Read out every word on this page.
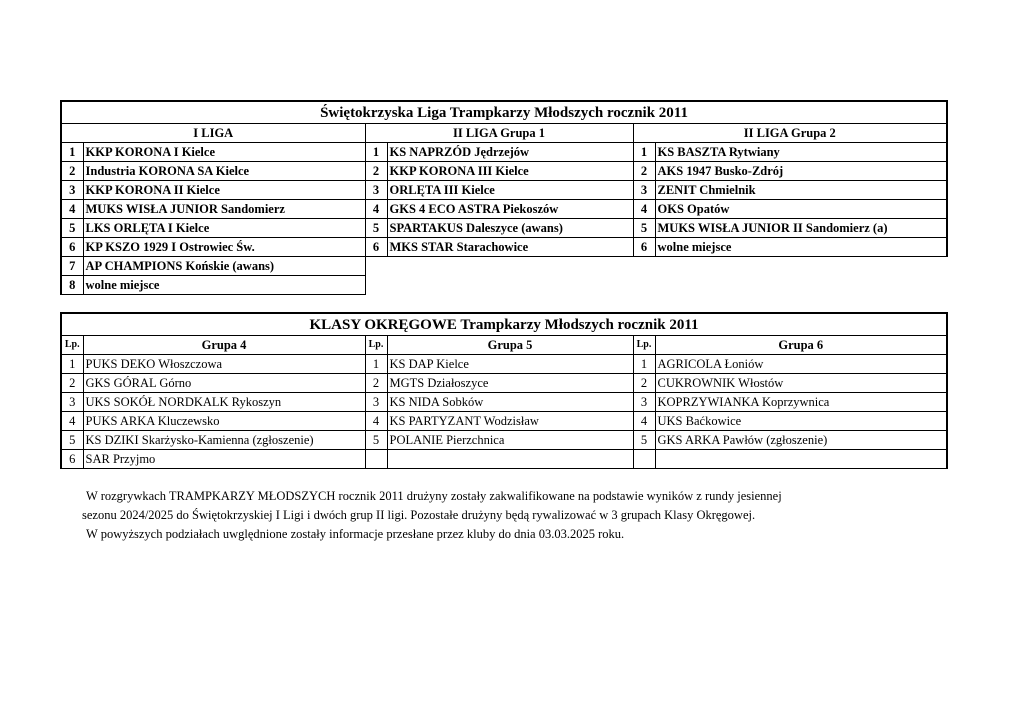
Świętokrzyska Liga Trampkarzy Młodszych rocznik 2011					
I LIGA		II LIGA Grupa 1		II LIGA Grupa 2	
1	KKP KORONA I Kielce	1	KS NAPRZÓD Jędrzejów	1	KS BASZTA Rytwiany
2	Industria KORONA SA Kielce	2	KKP KORONA III Kielce	2	AKS 1947 Busko-Zdrój
3	KKP KORONA II Kielce	3	ORLĘTA III Kielce	3	ZENIT Chmielnik
4	MUKS WISŁA JUNIOR Sandomierz	4	GKS 4 ECO ASTRA Piekoszów	4	OKS Opatów
5	LKS ORLĘTA I Kielce	5	SPARTAKUS Daleszyce (awans)	5	MUKS WISŁA JUNIOR II Sandomierz (a)
6	KP KSZO 1929 I Ostrowiec Św.	6	MKS STAR Starachowice	6	wolne miejsce
7	AP CHAMPIONS Końskie (awans)				
8	wolne miejsce				
KLASY OKRĘGOWE Trampkarzy Młodszych rocznik 2011					
Lp.	Grupa 4	Lp.	Grupa 5	Lp.	Grupa 6
1	PUKS DEKO Włoszczowa	1	KS DAP Kielce	1	AGRICOLA Łoniów
2	GKS GÓRAL Górno	2	MGTS Działoszyce	2	CUKROWNIK Włostów
3	UKS SOKÓŁ NORDKALK Rykoszyn	3	KS NIDA Sobków	3	KOPRZYWIANKA Koprzywnica
4	PUKS ARKA Kluczewsko	4	KS PARTYZANT Wodzisław	4	UKS Baćkowice
5	KS DZIKI Skarżysko-Kamienna (zgłoszenie)	5	POLANIE Pierzchnica	5	GKS ARKA Pawłów (zgłoszenie)
6	SAR Przyjmo				
W rozgrywkach TRAMPKARZY MŁODSZYCH rocznik 2011 drużyny zostały zakwalifikowane na podstawie wyników z rundy jesiennej
sezonu 2024/2025 do Świętokrzyskiej I Ligi i dwóch grup II ligi. Pozostałe drużyny będą rywalizować w 3 grupach Klasy Okręgowej.
W powyższych podziałach uwględnione zostały informacje przesłane przez kluby do dnia 03.03.2025 roku.
